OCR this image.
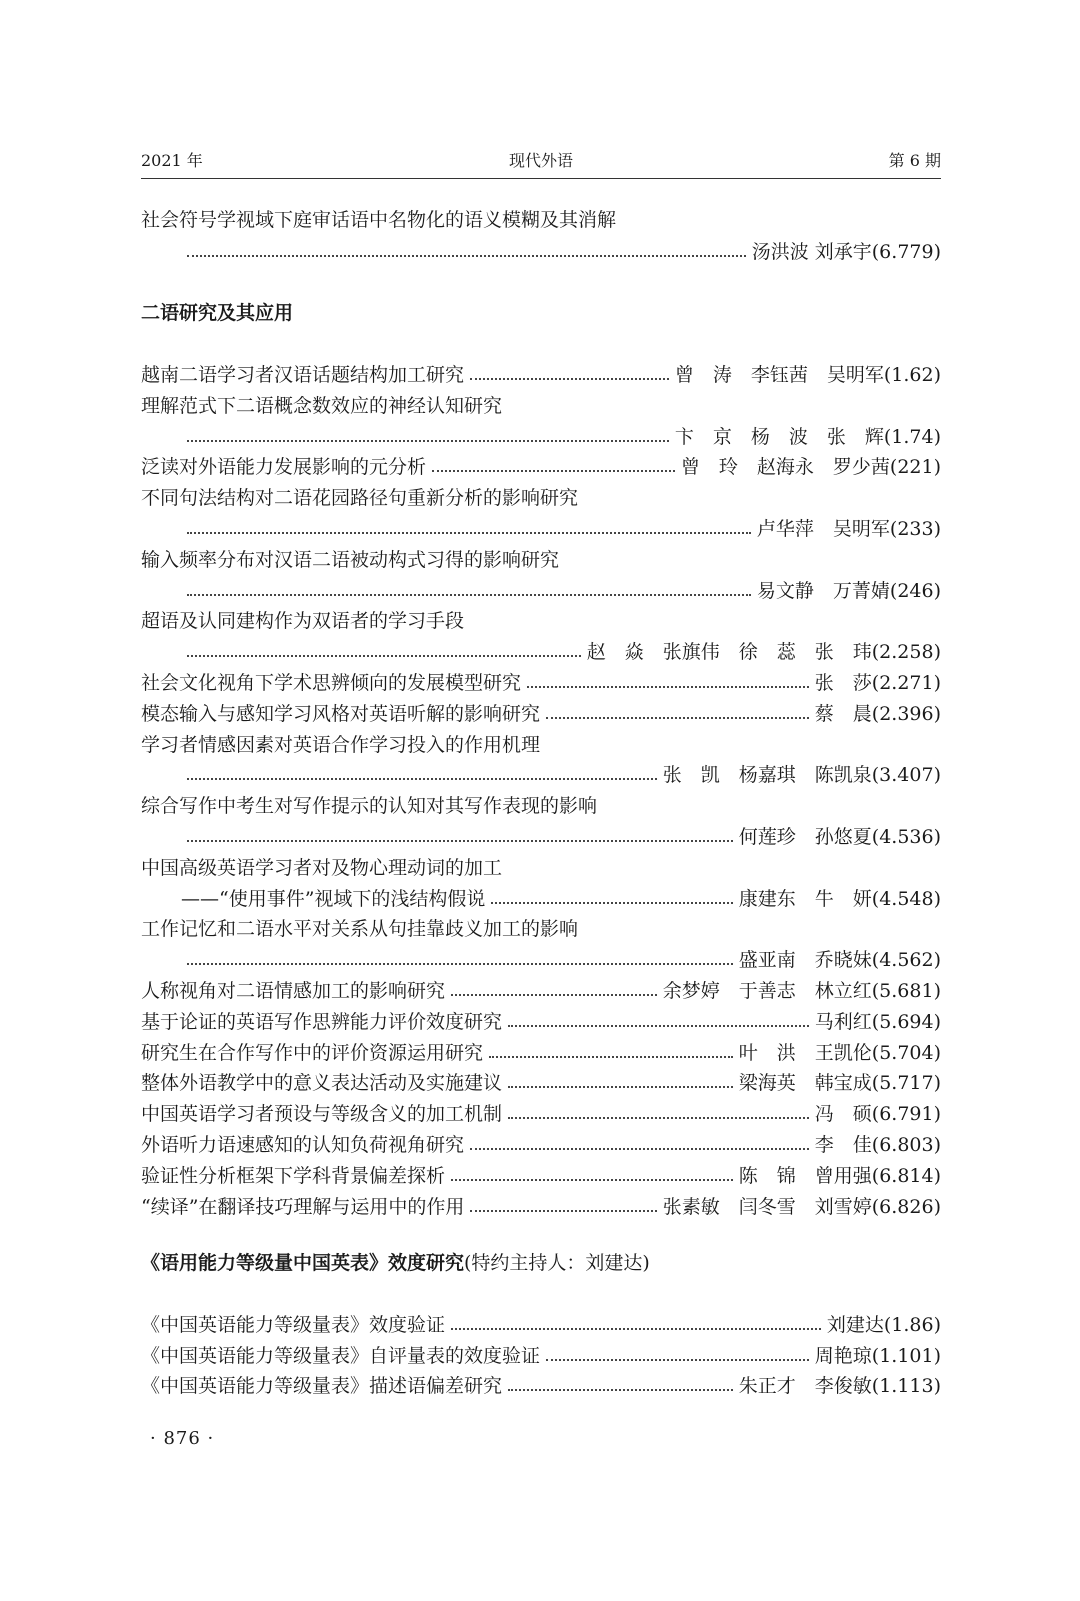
2021 年	现代外语	第 6 期
二语研究及其应用
《语用能力等级量中国英表》效度研究(特约主持人：刘建达)
社会符号学视域下庭审话语中名物化的语义模糊及其消解
汤洪波 刘承宇(6.779)
越南二语学习者汉语话题结构加工研究	曾　涛　李钰茜　吴明军(1.62)
理解范式下二语概念数效应的神经认知研究
卞　京　杨　波　张　辉(1.74)
泛读对外语能力发展影响的元分析	曾　玲　赵海永　罗少茜(221)
不同句法结构对二语花园路径句重新分析的影响研究
卢华萍　吴明军(233)
输入频率分布对汉语二语被动构式习得的影响研究
易文静　万菁婧(246)
超语及认同建构作为双语者的学习手段
赵　焱　张旗伟　徐　蕊　张　玮(2.258)
社会文化视角下学术思辨倾向的发展模型研究	张　莎(2.271)
模态输入与感知学习风格对英语听解的影响研究	蔡　晨(2.396)
学习者情感因素对英语合作学习投入的作用机理
张　凯　杨嘉琪　陈凯泉(3.407)
综合写作中考生对写作提示的认知对其写作表现的影响
何莲珍　孙悠夏(4.536)
中国高级英语学习者对及物心理动词的加工
——“使用事件”视域下的浅结构假说	康建东　牛　妍(4.548)
工作记忆和二语水平对关系从句挂靠歧义加工的影响
盛亚南　乔晓妹(4.562)
人称视角对二语情感加工的影响研究	余梦婷　于善志　林立红(5.681)
基于论证的英语写作思辨能力评价效度研究	马利红(5.694)
研究生在合作写作中的评价资源运用研究	叶　洪　王凯伦(5.704)
整体外语教学中的意义表达活动及实施建议	梁海英　韩宝成(5.717)
中国英语学习者预设与等级含义的加工机制	冯　硕(6.791)
外语听力语速感知的认知负荷视角研究	李　佳(6.803)
验证性分析框架下学科背景偏差探析	陈　锦　曾用强(6.814)
“续译”在翻译技巧理解与运用中的作用	张素敏　闫冬雪　刘雪婷(6.826)
《中国英语能力等级量表》效度验证	刘建达(1.86)
《中国英语能力等级量表》自评量表的效度验证	周艳琼(1.101)
《中国英语能力等级量表》描述语偏差研究	朱正才　李俊敏(1.113)
· 876 ·
